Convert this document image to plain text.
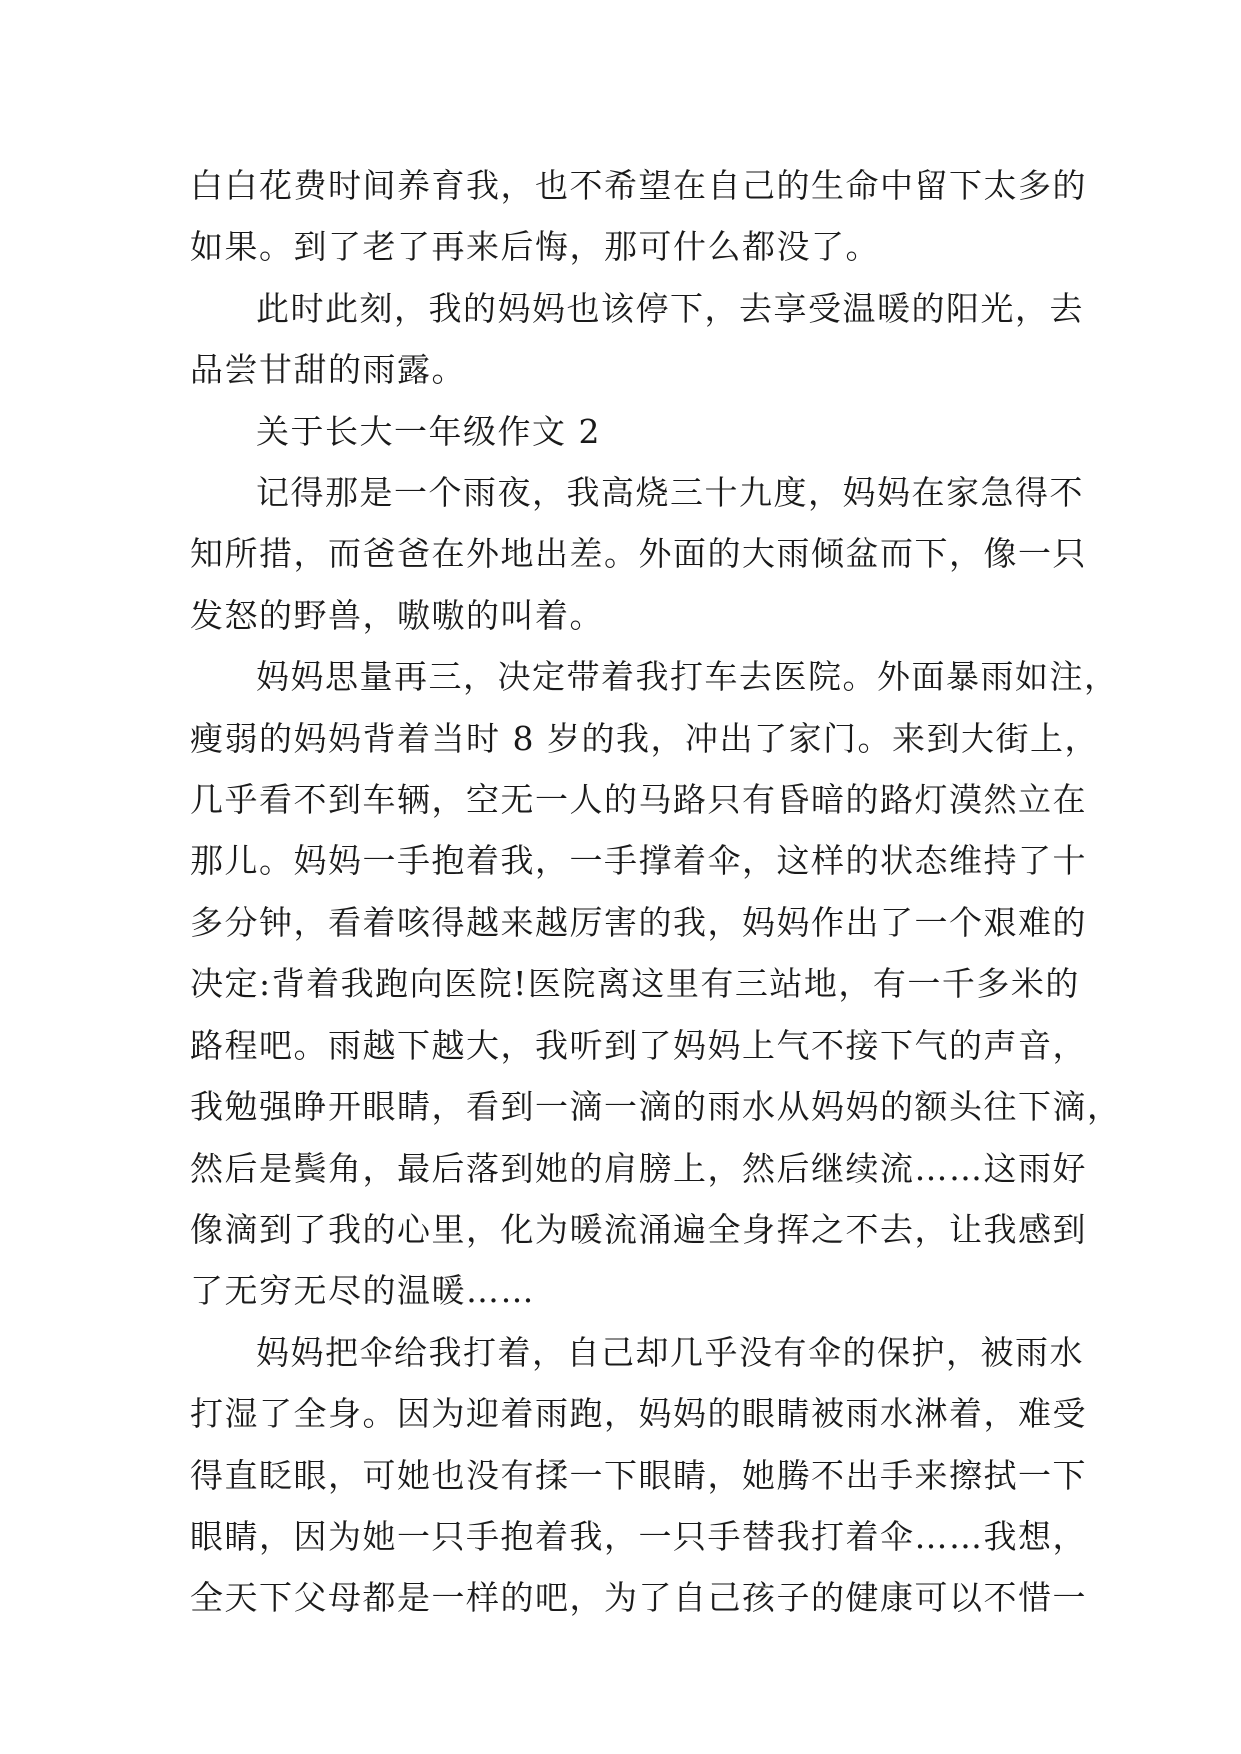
白白花费时间养育我，也不希望在自己的生命中留下太多的
如果。到了老了再来后悔，那可什么都没了。
此时此刻，我的妈妈也该停下，去享受温暖的阳光，去
品尝甘甜的雨露。
关于长大一年级作文 2
记得那是一个雨夜，我高烧三十九度，妈妈在家急得不
知所措，而爸爸在外地出差。外面的大雨倾盆而下，像一只
发怒的野兽，嗷嗷的叫着。
妈妈思量再三，决定带着我打车去医院。外面暴雨如注，
瘦弱的妈妈背着当时 8 岁的我，冲出了家门。来到大街上，
几乎看不到车辆，空无一人的马路只有昏暗的路灯漠然立在
那儿。妈妈一手抱着我，一手撑着伞，这样的状态维持了十
多分钟，看着咳得越来越厉害的我，妈妈作出了一个艰难的
决定:背着我跑向医院!医院离这里有三站地，有一千多米的
路程吧。雨越下越大，我听到了妈妈上气不接下气的声音，
我勉强睁开眼睛，看到一滴一滴的雨水从妈妈的额头往下滴，
然后是鬓角，最后落到她的肩膀上，然后继续流……这雨好
像滴到了我的心里，化为暖流涌遍全身挥之不去，让我感到
了无穷无尽的温暖……
妈妈把伞给我打着，自己却几乎没有伞的保护，被雨水
打湿了全身。因为迎着雨跑，妈妈的眼睛被雨水淋着，难受
得直眨眼，可她也没有揉一下眼睛，她腾不出手来擦拭一下
眼睛，因为她一只手抱着我，一只手替我打着伞……我想，
全天下父母都是一样的吧，为了自己孩子的健康可以不惜一
